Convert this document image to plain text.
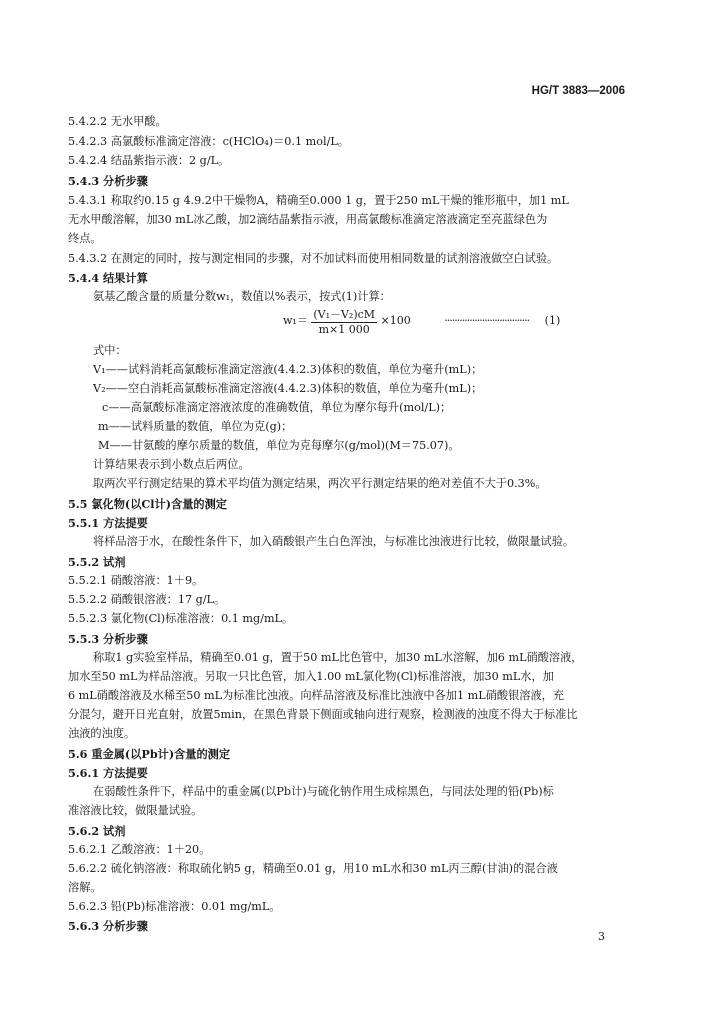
HG/T 3883—2006
5.4.2.2 无水甲酸。
5.4.2.3 高氯酸标准滴定溶液：c(HClO₄)＝0.1 mol/L。
5.4.2.4 结晶紫指示液：2 g/L。
5.4.3 分析步骤
5.4.3.1 称取约0.15 g 4.9.2中干燥物A，精确至0.000 1 g，置于250 mL干燥的锥形瓶中，加1 mL
无水甲酸溶解，加30 mL冰乙酸，加2滴结晶紫指示液，用高氯酸标准滴定溶液滴定至亮蓝绿色为
终点。
5.4.3.2 在测定的同时，按与测定相同的步骤，对不加试料而使用相同数量的试剂溶液做空白试验。
5.4.4 结果计算
氨基乙酸含量的质量分数w₁，数值以%表示，按式(1)计算：
式中：
V₁——试料消耗高氯酸标准滴定溶液(4.4.2.3)体积的数值，单位为毫升(mL)；
V₂——空白消耗高氯酸标准滴定溶液(4.4.2.3)体积的数值，单位为毫升(mL)；
c——高氯酸标准滴定溶液浓度的准确数值，单位为摩尔每升(mol/L)；
m——试料质量的数值，单位为克(g)；
M——甘氨酸的摩尔质量的数值，单位为克每摩尔(g/mol)(M＝75.07)。
计算结果表示到小数点后两位。
取两次平行测定结果的算术平均值为测定结果，两次平行测定结果的绝对差值不大于0.3%。
5.5 氯化物(以Cl计)含量的测定
5.5.1 方法提要
将样品溶于水，在酸性条件下，加入硝酸银产生白色浑浊，与标准比浊液进行比较，做限量试验。
5.5.2 试剂
5.5.2.1 硝酸溶液：1＋9。
5.5.2.2 硝酸银溶液：17 g/L。
5.5.2.3 氯化物(Cl)标准溶液：0.1 mg/mL。
5.5.3 分析步骤
称取1 g实验室样品，精确至0.01 g，置于50 mL比色管中，加30 mL水溶解，加6 mL硝酸溶液，
加水至50 mL为样品溶液。另取一只比色管，加入1.00 mL氯化物(Cl)标准溶液，加30 mL水，加
6 mL硝酸溶液及水稀至50 mL为标准比浊液。向样品溶液及标准比浊液中各加1 mL硝酸银溶液，充
分混匀，避开日光直射，放置5min，在黑色背景下侧面或轴向进行观察，检测液的浊度不得大于标准比
浊液的浊度。
5.6 重金属(以Pb计)含量的测定
5.6.1 方法提要
在弱酸性条件下，样品中的重金属(以Pb计)与硫化钠作用生成棕黑色，与同法处理的铅(Pb)标
准溶液比较，做限量试验。
5.6.2 试剂
5.6.2.1 乙酸溶液：1＋20。
5.6.2.2 硫化钠溶液：称取硫化钠5 g，精确至0.01 g，用10 mL水和30 mL丙三醇(甘油)的混合液
溶解。
5.6.2.3 铅(Pb)标准溶液：0.01 mg/mL。
5.6.3 分析步骤
$w_1= \frac{\text{(V₁－V₂)cM}}{m\times 1 000} \times 100$	·································· (1)
3
